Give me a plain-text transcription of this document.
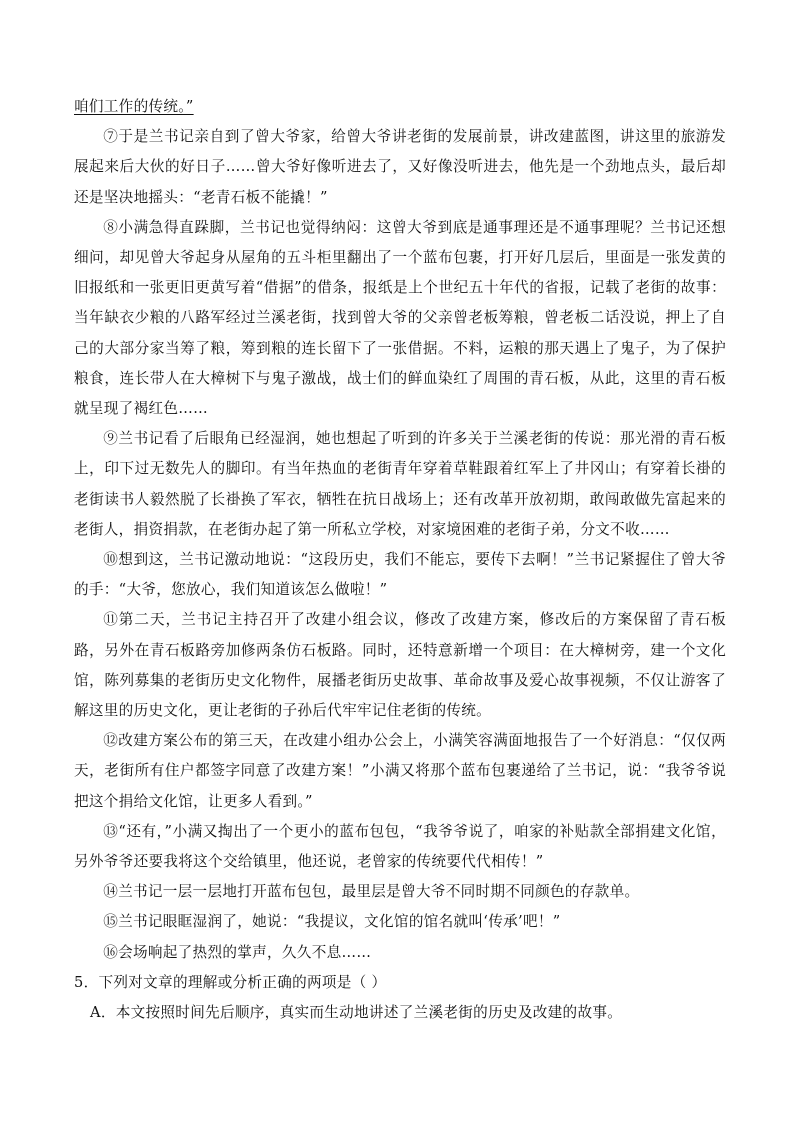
咱们工作的传统。”

⑦于是兰书记亲自到了曾大爷家，给曾大爷讲老街的发展前景，讲改建蓝图，讲这里的旅游发展起来后大伙的好日子……曾大爷好像听进去了，又好像没听进去，他先是一个劲地点头，最后却还是坚决地摇头：“老青石板不能撬！”

⑧小满急得直跺脚，兰书记也觉得纳闷：这曾大爷到底是通事理还是不通事理呢？兰书记还想细问，却见曾大爷起身从屋角的五斗柜里翻出了一个蓝布包裹，打开好几层后，里面是一张发黄的旧报纸和一张更旧更黄写着“借据”的借条，报纸是上个世纪五十年代的省报，记载了老街的故事：当年缺衣少粮的八路军经过兰溪老街，找到曾大爷的父亲曾老板筹粮，曾老板二话没说，押上了自己的大部分家当筹了粮，筹到粮的连长留下了一张借据。不料，运粮的那天遇上了鬼子，为了保护粮食，连长带人在大樟树下与鬼子激战，战士们的鲜血染红了周围的青石板，从此，这里的青石板就呈现了褐红色……

⑨兰书记看了后眼角已经湿润，她也想起了听到的许多关于兰溪老街的传说：那光滑的青石板上，印下过无数先人的脚印。有当年热血的老街青年穿着草鞋跟着红军上了井冈山；有穿着长褂的老街读书人毅然脱了长褂换了军衣，牺牲在抗日战场上；还有改革开放初期，敢闯敢做先富起来的老街人，捐资捐款，在老街办起了第一所私立学校，对家境困难的老街子弟，分文不收……

⑩想到这，兰书记激动地说：“这段历史，我们不能忘，要传下去啊！”兰书记紧握住了曾大爷的手：“大爷，您放心，我们知道该怎么做啦！”

⑪第二天，兰书记主持召开了改建小组会议，修改了改建方案，修改后的方案保留了青石板路，另外在青石板路旁加修两条仿石板路。同时，还特意新增一个项目：在大樟树旁，建一个文化馆，陈列募集的老街历史文化物件，展播老街历史故事、革命故事及爱心故事视频，不仅让游客了解这里的历史文化，更让老街的子孙后代牢牢记住老街的传统。

⑫改建方案公布的第三天，在改建小组办公会上，小满笑容满面地报告了一个好消息：“仅仅两天，老街所有住户都签字同意了改建方案！”小满又将那个蓝布包裹递给了兰书记，说：“我爷爷说把这个捐给文化馆，让更多人看到。”

⑬“还有，”小满又掏出了一个更小的蓝布包包，“我爷爷说了，咱家的补贴款全部捐建文化馆，另外爷爷还要我将这个交给镇里，他还说，老曾家的传统要代代相传！”

⑭兰书记一层一层地打开蓝布包包，最里层是曾大爷不同时期不同颜色的存款单。

⑮兰书记眼眶湿润了，她说：“我提议，文化馆的馆名就叫‘传承’吧！”

⑯会场响起了热烈的掌声，久久不息……

5．下列对文章的理解或分析正确的两项是（ ）

A．本文按照时间先后顺序，真实而生动地讲述了兰溪老街的历史及改建的故事。
